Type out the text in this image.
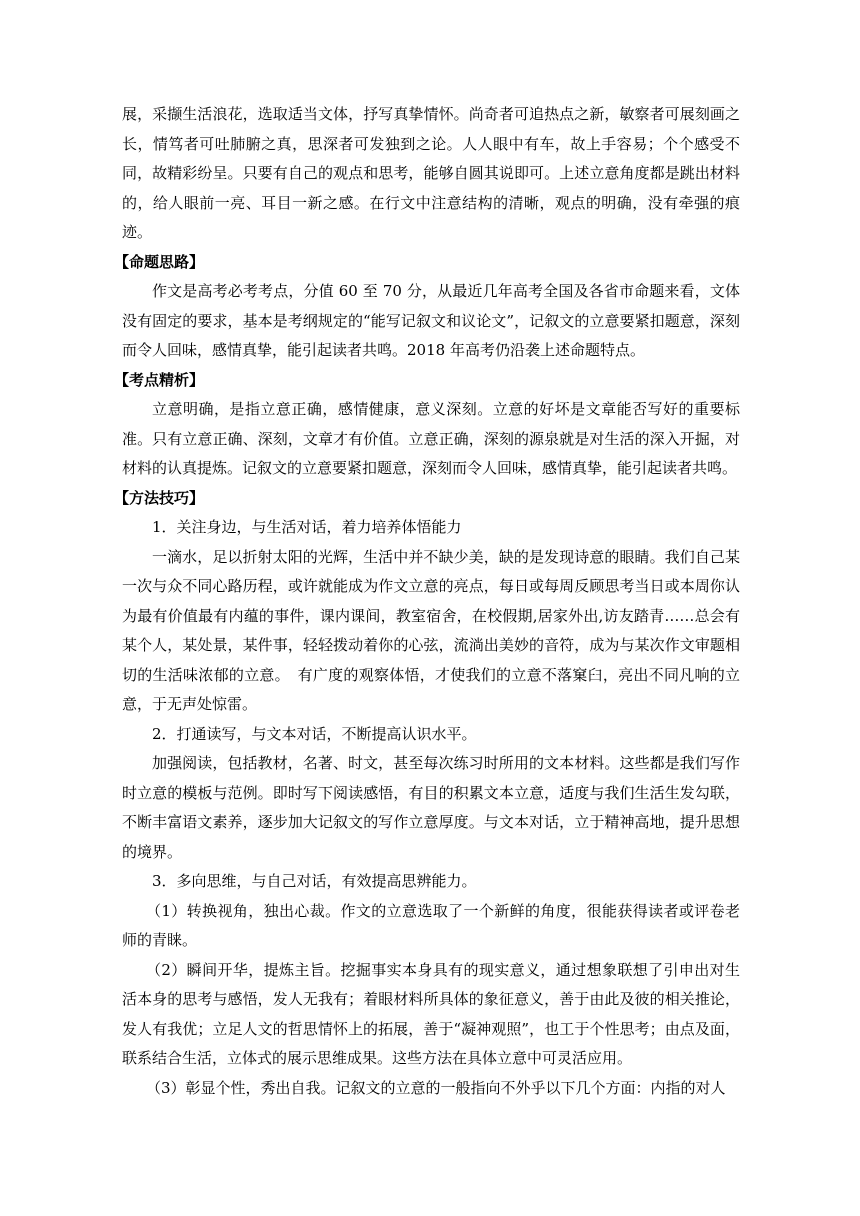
展，采撷生活浪花，选取适当文体，抒写真挚情怀。尚奇者可追热点之新，敏察者可展刻画之长，情笃者可吐肺腑之真，思深者可发独到之论。人人眼中有车，故上手容易；个个感受不同，故精彩纷呈。只要有自己的观点和思考，能够自圆其说即可。上述立意角度都是跳出材料的，给人眼前一亮、耳目一新之感。在行文中注意结构的清晰，观点的明确，没有牵强的痕迹。

【命题思路】

作文是高考必考考点，分值 60 至 70 分，从最近几年高考全国及各省市命题来看，文体没有固定的要求，基本是考纲规定的“能写记叙文和议论文”，记叙文的立意要紧扣题意，深刻而令人回味，感情真挚，能引起读者共鸣。2018 年高考仍沿袭上述命题特点。

【考点精析】

立意明确，是指立意正确，感情健康，意义深刻。立意的好坏是文章能否写好的重要标准。只有立意正确、深刻，文章才有价值。立意正确，深刻的源泉就是对生活的深入开掘，对材料的认真提炼。记叙文的立意要紧扣题意，深刻而令人回味，感情真挚，能引起读者共鸣。

【方法技巧】

1．关注身边，与生活对话，着力培养体悟能力

一滴水，足以折射太阳的光辉，生活中并不缺少美，缺的是发现诗意的眼睛。我们自己某一次与众不同心路历程，或许就能成为作文立意的亮点，每日或每周反顾思考当日或本周你认为最有价值最有内蕴的事件，课内课间，教室宿舍，在校假期,居家外出,访友踏青……总会有某个人，某处景，某件事，轻轻拨动着你的心弦，流淌出美妙的音符，成为与某次作文审题相切的生活味浓郁的立意。　有广度的观察体悟，才使我们的立意不落窠臼，亮出不同凡响的立意，于无声处惊雷。

2．打通读写，与文本对话，不断提高认识水平。

加强阅读，包括教材，名著、时文，甚至每次练习时所用的文本材料。这些都是我们写作时立意的模板与范例。即时写下阅读感悟，有目的积累文本立意，适度与我们生活生发勾联，不断丰富语文素养，逐步加大记叙文的写作立意厚度。与文本对话，立于精神高地，提升思想的境界。

3．多向思维，与自己对话，有效提高思辨能力。

（1）转换视角，独出心裁。作文的立意选取了一个新鲜的角度，很能获得读者或评卷老师的青睐。

（2）瞬间开华，提炼主旨。挖掘事实本身具有的现实意义，通过想象联想了引申出对生活本身的思考与感悟，发人无我有；着眼材料所具体的象征意义，善于由此及彼的相关推论，发人有我优；立足人文的哲思情怀上的拓展，善于“凝神观照”，也工于个性思考；由点及面，联系结合生活，立体式的展示思维成果。这些方法在具体立意中可灵活应用。

（3）彰显个性，秀出自我。记叙文的立意的一般指向不外乎以下几个方面：内指的对人
